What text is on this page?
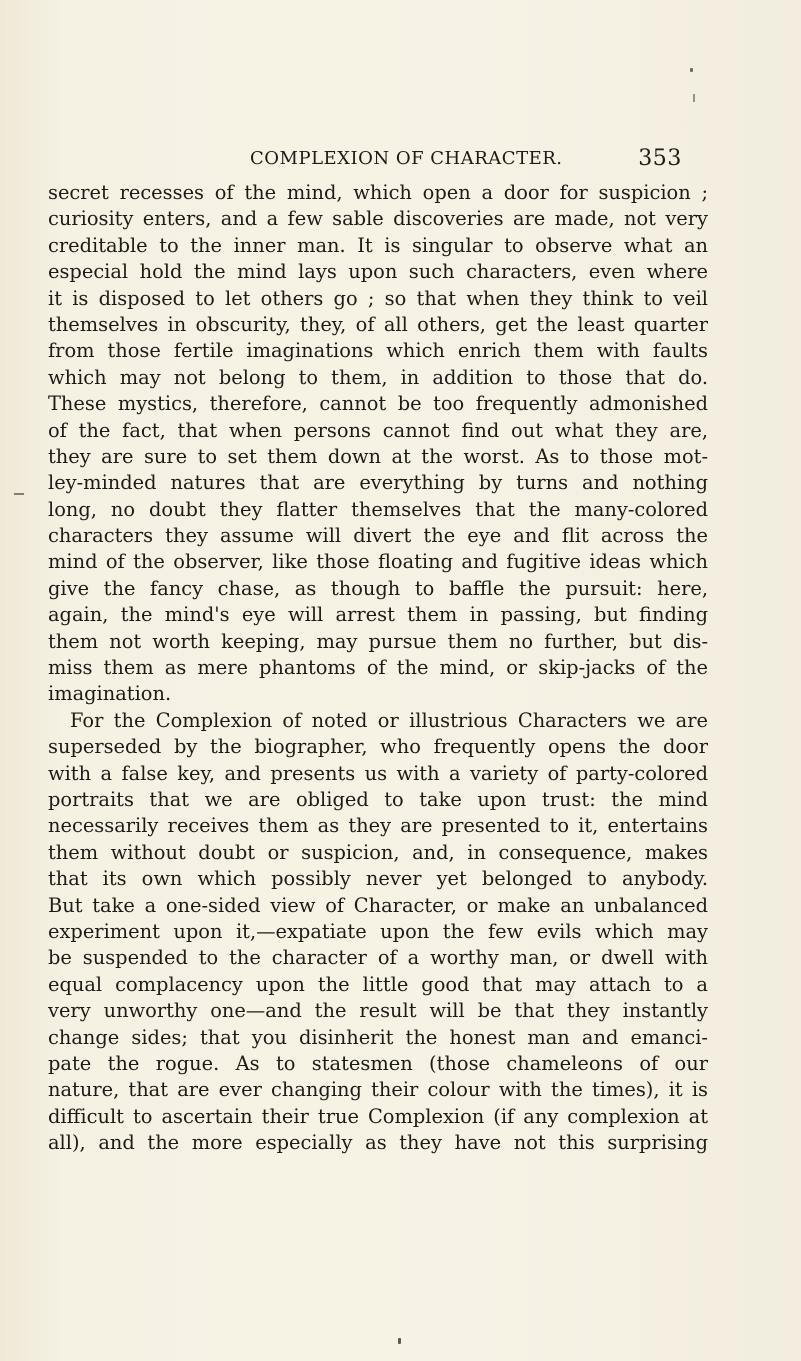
COMPLEXION OF CHARACTER.	353
secret recesses of the mind, which open a door for suspicion ;
curiosity enters, and a few sable discoveries are made, not very
creditable to the inner man. It is singular to observe what an
especial hold the mind lays upon such characters, even where
it is disposed to let others go ; so that when they think to veil
themselves in obscurity, they, of all others, get the least quarter
from those fertile imaginations which enrich them with faults
which may not belong to them, in addition to those that do.
These mystics, therefore, cannot be too frequently admonished
of the fact, that when persons cannot find out what they are,
they are sure to set them down at the worst. As to those mot-
ley-minded natures that are everything by turns and nothing
long, no doubt they flatter themselves that the many-colored
characters they assume will divert the eye and flit across the
mind of the observer, like those floating and fugitive ideas which
give the fancy chase, as though to baffle the pursuit: here,
again, the mind's eye will arrest them in passing, but finding
them not worth keeping, may pursue them no further, but dis-
miss them as mere phantoms of the mind, or skip-jacks of the
imagination.
For the Complexion of noted or illustrious Characters we are
superseded by the biographer, who frequently opens the door
with a false key, and presents us with a variety of party-colored
portraits that we are obliged to take upon trust: the mind
necessarily receives them as they are presented to it, entertains
them without doubt or suspicion, and, in consequence, makes
that its own which possibly never yet belonged to anybody.
But take a one-sided view of Character, or make an unbalanced
experiment upon it,—expatiate upon the few evils which may
be suspended to the character of a worthy man, or dwell with
equal complacency upon the little good that may attach to a
very unworthy one—and the result will be that they instantly
change sides; that you disinherit the honest man and emanci-
pate the rogue. As to statesmen (those chameleons of our
nature, that are ever changing their colour with the times), it is
difficult to ascertain their true Complexion (if any complexion at
all), and the more especially as they have not this surprising
